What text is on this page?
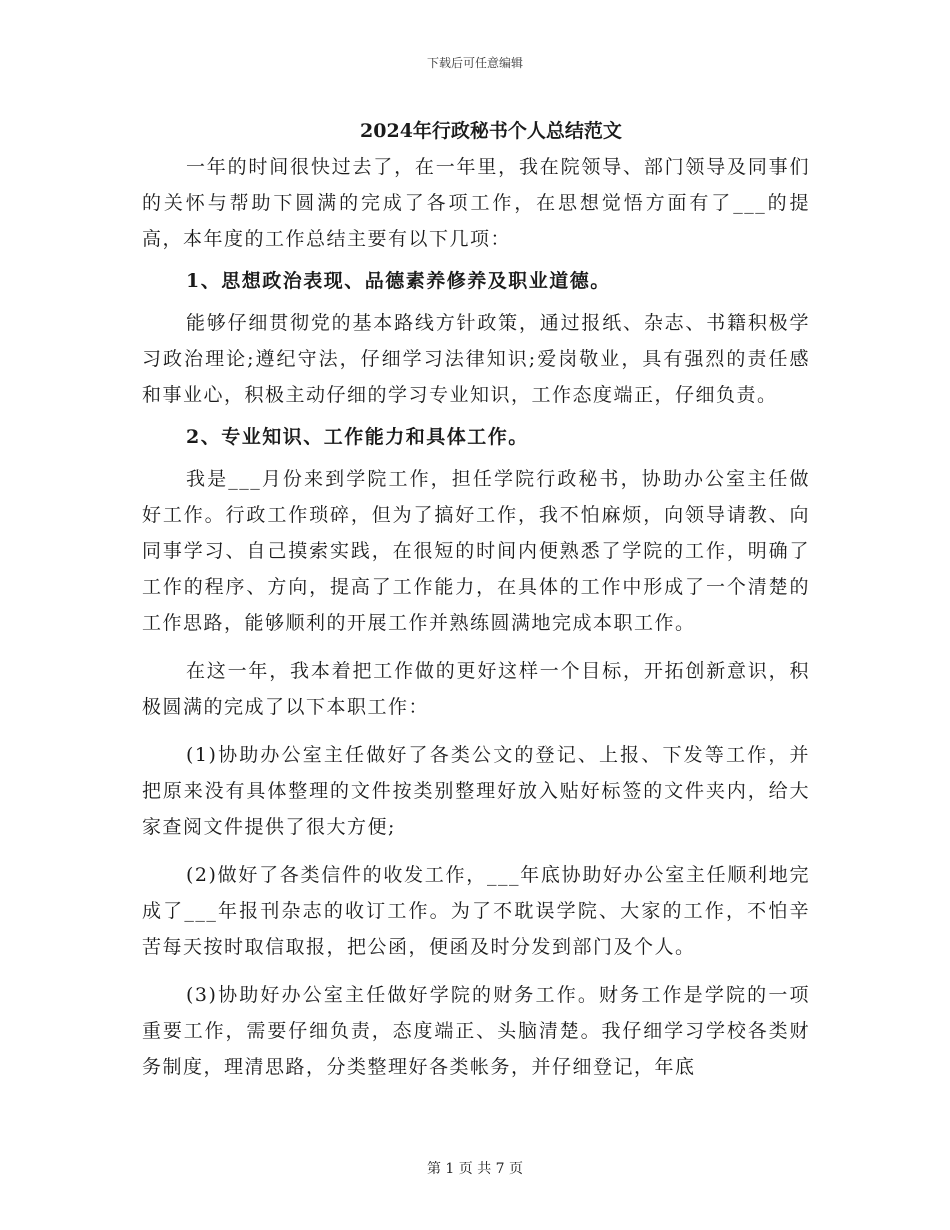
下载后可任意编辑

2024年行政秘书个人总结范文

一年的时间很快过去了，在一年里，我在院领导、部门领导及同事们的关怀与帮助下圆满的完成了各项工作，在思想觉悟方面有了___的提高，本年度的工作总结主要有以下几项：

1、思想政治表现、品德素养修养及职业道德。

能够仔细贯彻党的基本路线方针政策，通过报纸、杂志、书籍积极学习政治理论;遵纪守法，仔细学习法律知识;爱岗敬业，具有强烈的责任感和事业心，积极主动仔细的学习专业知识，工作态度端正，仔细负责。

2、专业知识、工作能力和具体工作。

我是___月份来到学院工作，担任学院行政秘书，协助办公室主任做好工作。行政工作琐碎，但为了搞好工作，我不怕麻烦，向领导请教、向同事学习、自己摸索实践，在很短的时间内便熟悉了学院的工作，明确了工作的程序、方向，提高了工作能力，在具体的工作中形成了一个清楚的工作思路，能够顺利的开展工作并熟练圆满地完成本职工作。

在这一年，我本着把工作做的更好这样一个目标，开拓创新意识，积极圆满的完成了以下本职工作：

(1)协助办公室主任做好了各类公文的登记、上报、下发等工作，并把原来没有具体整理的文件按类别整理好放入贴好标签的文件夹内，给大家查阅文件提供了很大方便;

(2)做好了各类信件的收发工作，___年底协助好办公室主任顺利地完成了___年报刊杂志的收订工作。为了不耽误学院、大家的工作，不怕辛苦每天按时取信取报，把公函，便函及时分发到部门及个人。

(3)协助好办公室主任做好学院的财务工作。财务工作是学院的一项重要工作，需要仔细负责，态度端正、头脑清楚。我仔细学习学校各类财务制度，理清思路，分类整理好各类帐务，并仔细登记，年底

第 1 页 共 7 页
